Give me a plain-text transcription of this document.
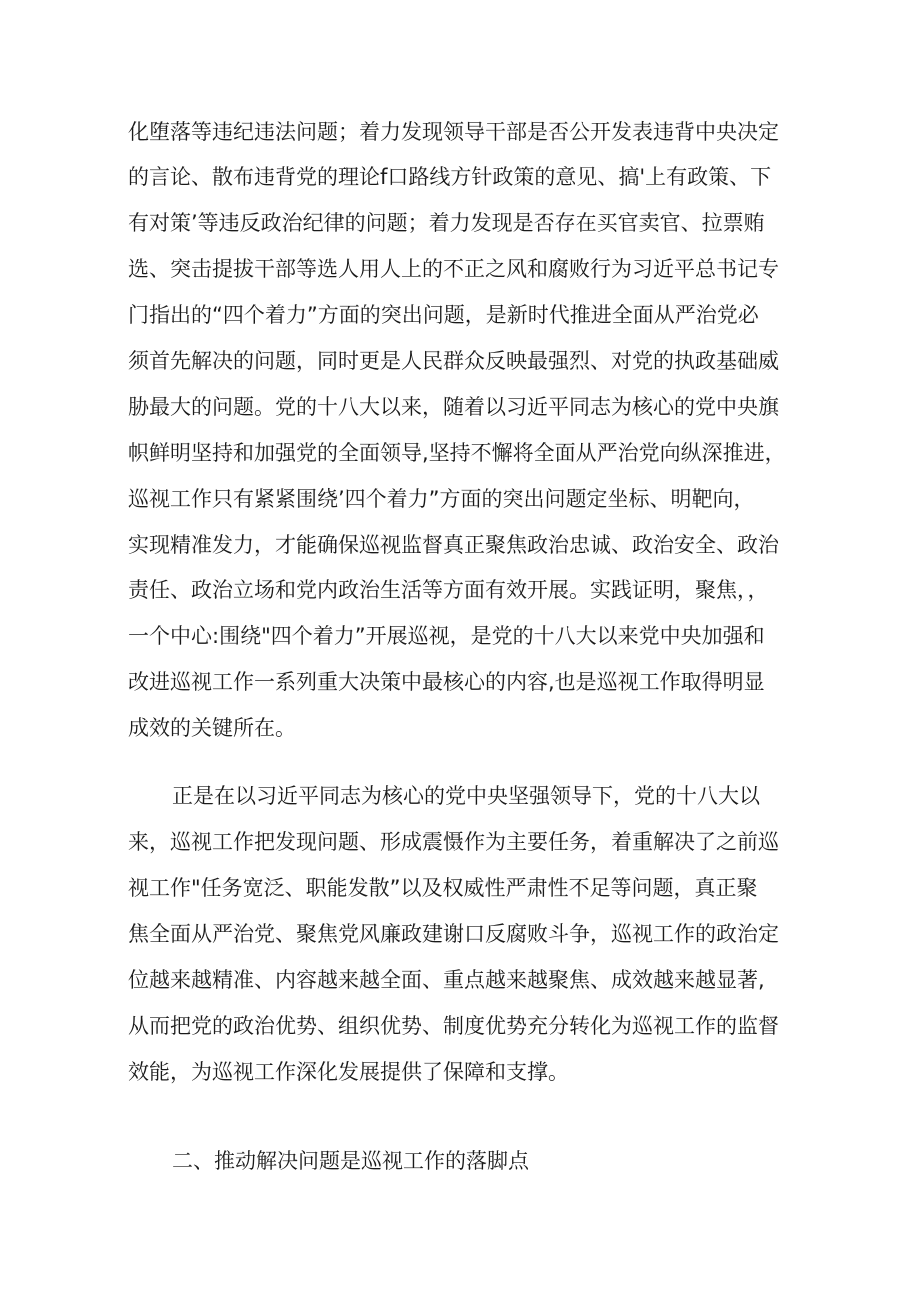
化堕落等违纪违法问题；着力发现领导干部是否公开发表违背中央决定
的言论、散布违背党的理论f口路线方针政策的意见、搞'上有政策、下
有对策’等违反政治纪律的问题；着力发现是否存在买官卖官、拉票贿
选、突击提拔干部等选人用人上的不正之风和腐败行为习近平总书记专
门指出的“四个着力”方面的突出问题，是新时代推进全面从严治党必
须首先解决的问题，同时更是人民群众反映最强烈、对党的执政基础威
胁最大的问题。党的十八大以来，随着以习近平同志为核心的党中央旗
帜鲜明坚持和加强党的全面领导,坚持不懈将全面从严治党向纵深推进，
巡视工作只有紧紧围绕’四个着力”方面的突出问题定坐标、明靶向，
实现精准发力，才能确保巡视监督真正聚焦政治忠诚、政治安全、政治
责任、政治立场和党内政治生活等方面有效开展。实践证明，聚焦，，
一个中心:围绕"四个着力”开展巡视，是党的十八大以来党中央加强和
改进巡视工作一系列重大决策中最核心的内容,也是巡视工作取得明显
成效的关键所在。
正是在以习近平同志为核心的党中央坚强领导下，党的十八大以
来，巡视工作把发现问题、形成震慑作为主要任务，着重解决了之前巡
视工作"任务宽泛、职能发散”以及权威性严肃性不足等问题，真正聚
焦全面从严治党、聚焦党风廉政建谢口反腐败斗争，巡视工作的政治定
位越来越精准、内容越来越全面、重点越来越聚焦、成效越来越显著,
从而把党的政治优势、组织优势、制度优势充分转化为巡视工作的监督
效能，为巡视工作深化发展提供了保障和支撑。
二、推动解决问题是巡视工作的落脚点
